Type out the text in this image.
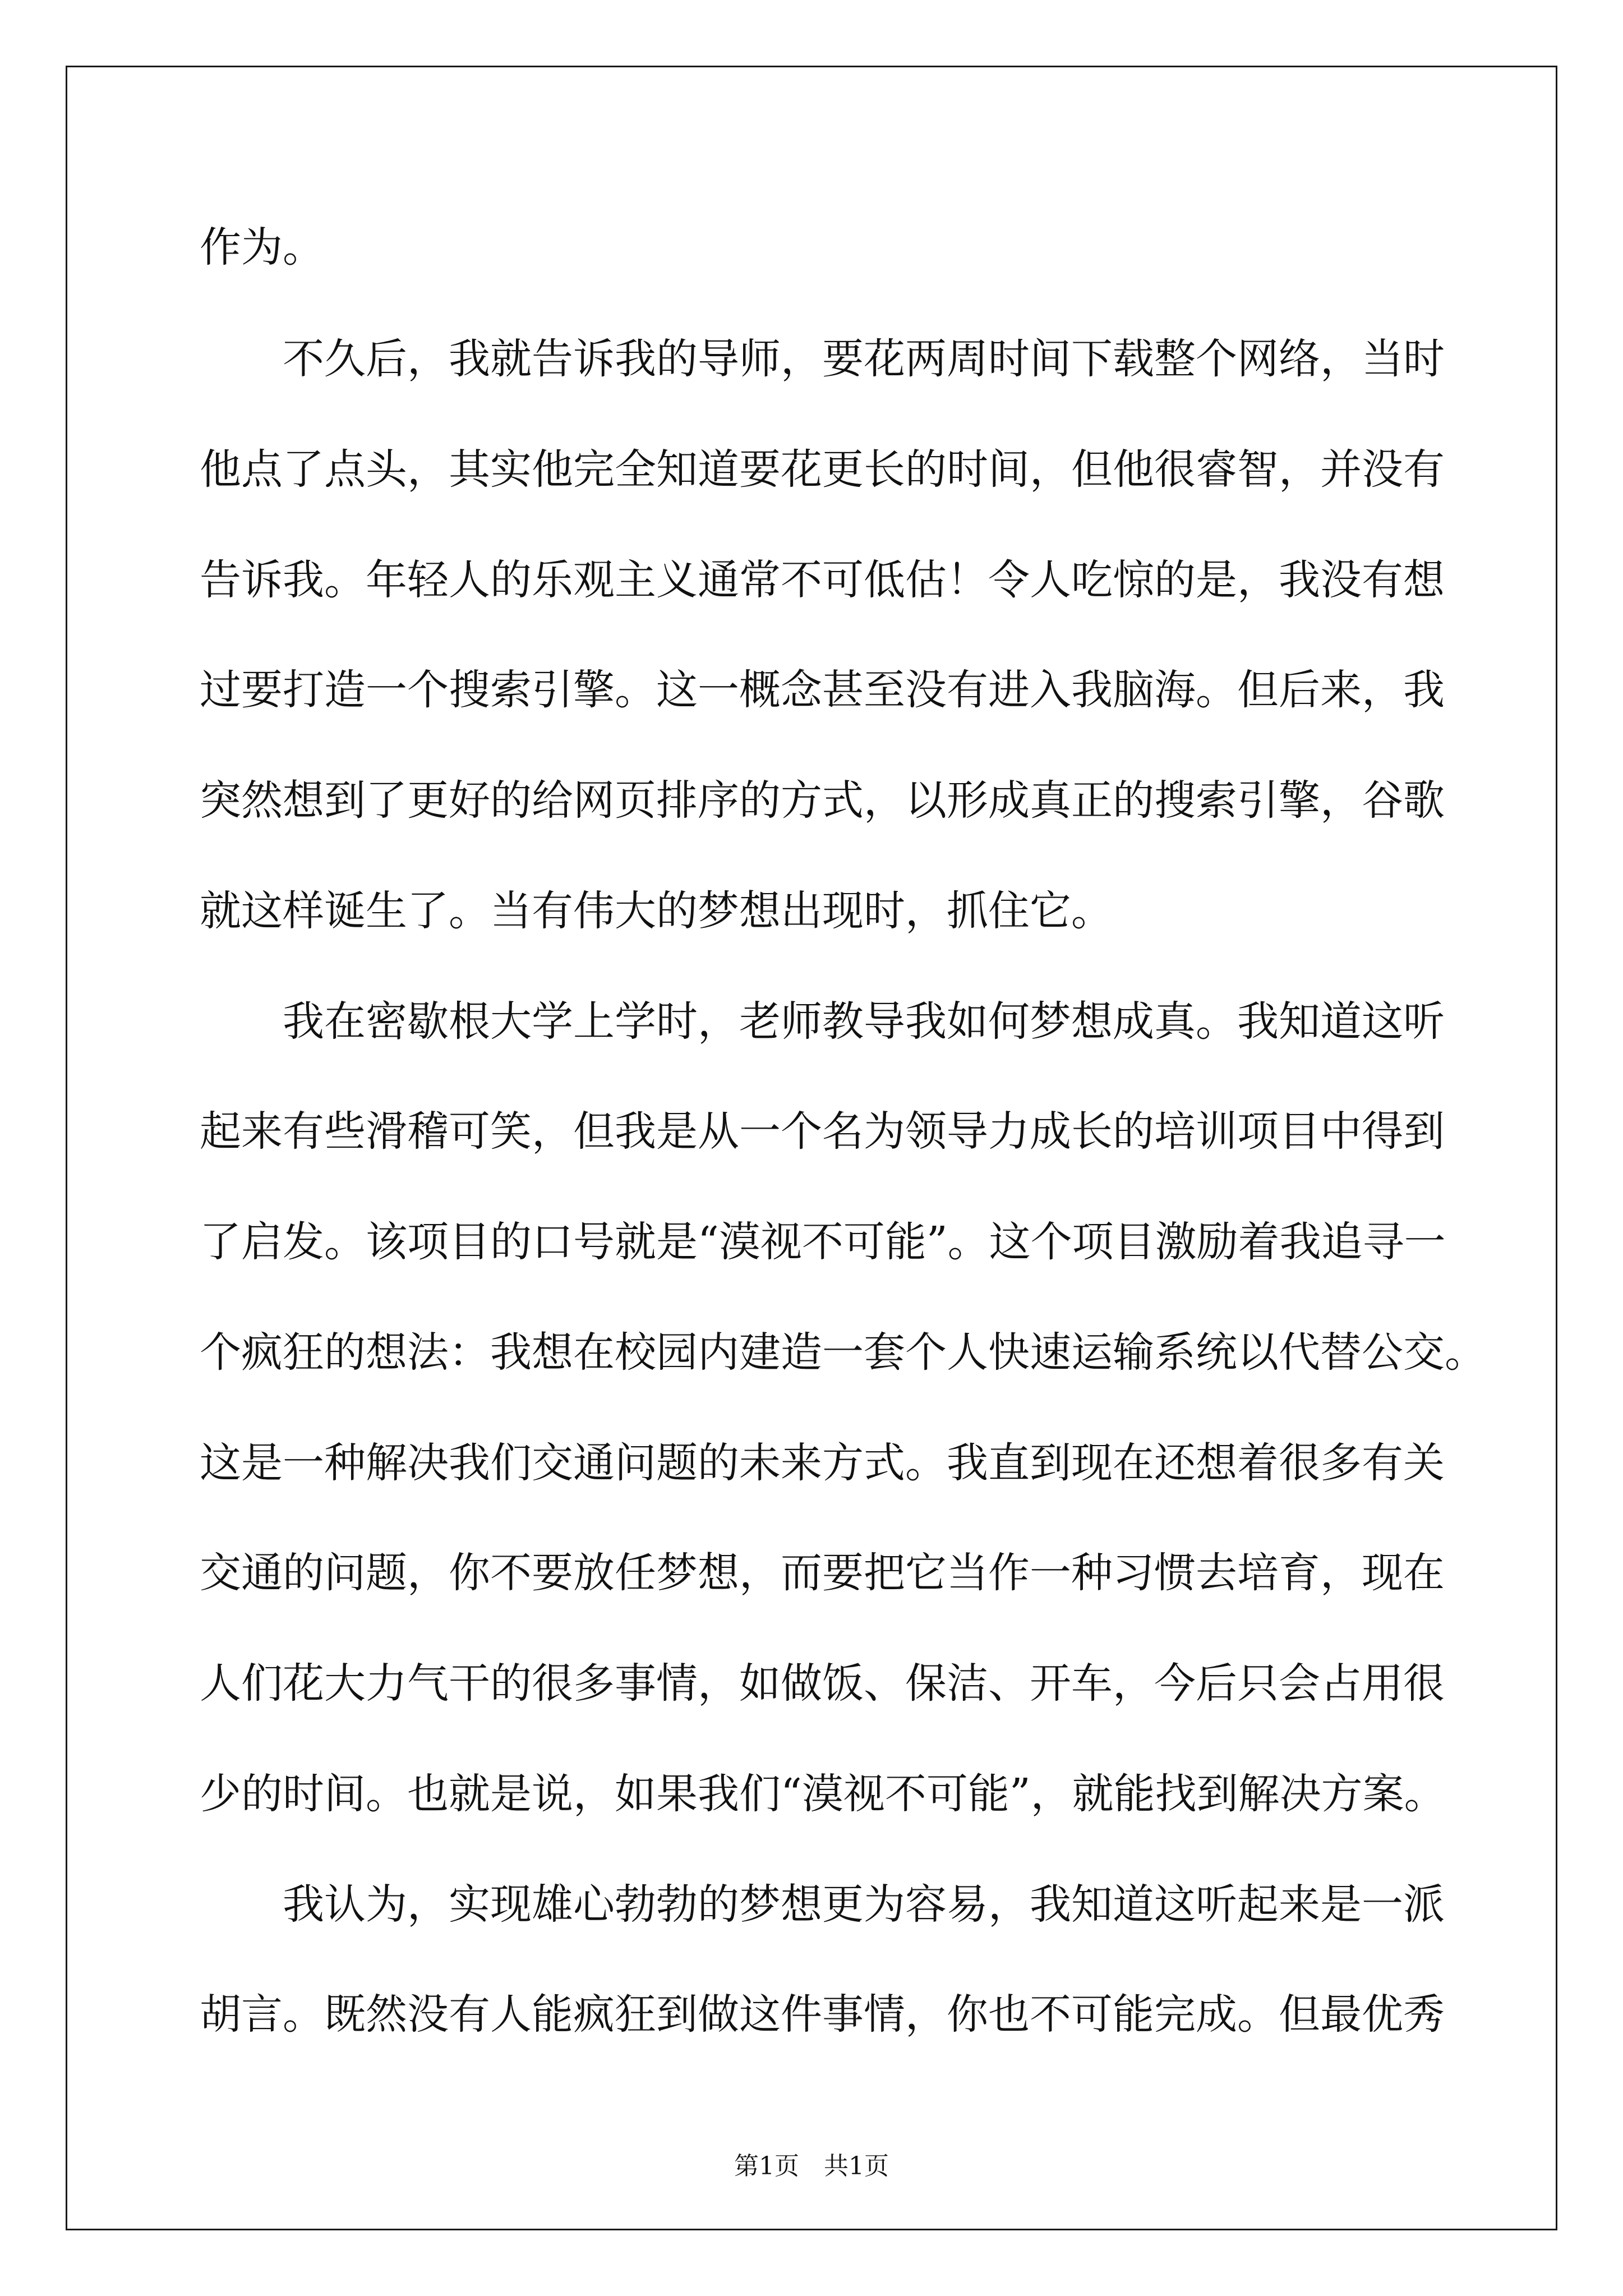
作为。
　　不久后，我就告诉我的导师，要花两周时间下载整个网络，当时
他点了点头，其实他完全知道要花更长的时间，但他很睿智，并没有
告诉我。年轻人的乐观主义通常不可低估！令人吃惊的是，我没有想
过要打造一个搜索引擎。这一概念甚至没有进入我脑海。但后来，我
突然想到了更好的给网页排序的方式，以形成真正的搜索引擎，谷歌
就这样诞生了。当有伟大的梦想出现时，抓住它。
　　我在密歇根大学上学时，老师教导我如何梦想成真。我知道这听
起来有些滑稽可笑，但我是从一个名为领导力成长的培训项目中得到
了启发。该项目的口号就是“漠视不可能”。这个项目激励着我追寻一
个疯狂的想法：我想在校园内建造一套个人快速运输系统以代替公交。
这是一种解决我们交通问题的未来方式。我直到现在还想着很多有关
交通的问题，你不要放任梦想，而要把它当作一种习惯去培育，现在
人们花大力气干的很多事情，如做饭、保洁、开车，今后只会占用很
少的时间。也就是说，如果我们“漠视不可能”，就能找到解决方案。
　　我认为，实现雄心勃勃的梦想更为容易，我知道这听起来是一派
胡言。既然没有人能疯狂到做这件事情，你也不可能完成。但最优秀
第1页　共1页
